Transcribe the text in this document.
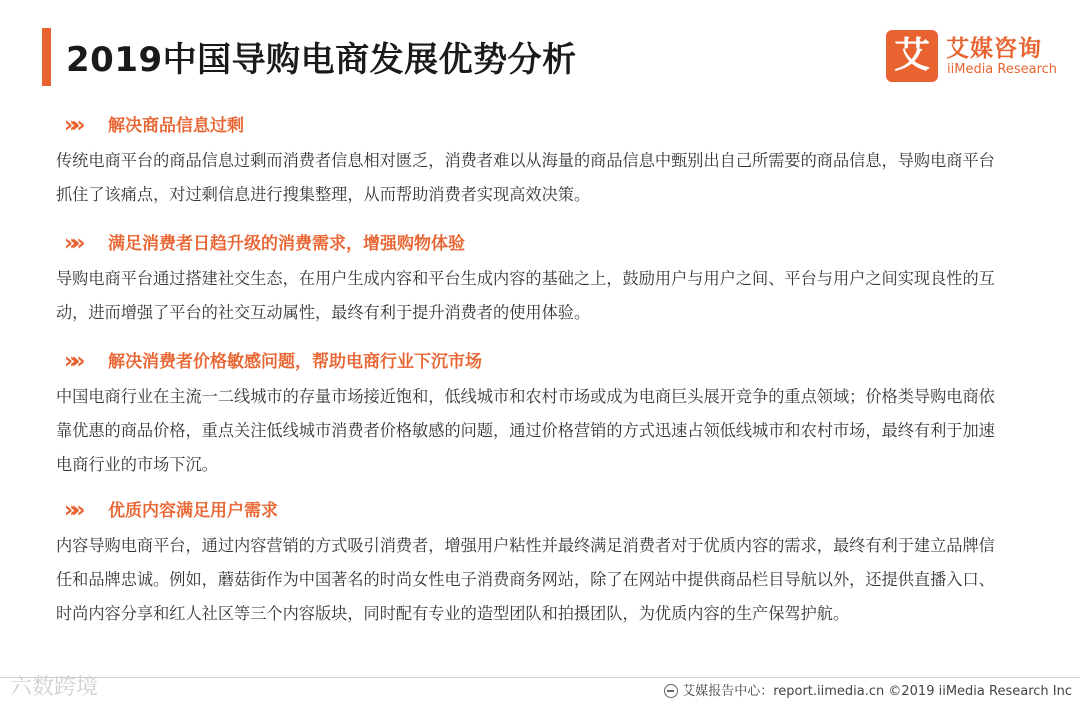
2019中国导购电商发展优势分析	艾 艾媒咨询
iiMedia Research
»» 解决商品信息过剩
传统电商平台的商品信息过剩而消费者信息相对匮乏，消费者难以从海量的商品信息中甄别出自己所需要的商品信息，导购电商平台抓住了该痛点，对过剩信息进行搜集整理，从而帮助消费者实现高效决策。
»» 满足消费者日趋升级的消费需求，增强购物体验
导购电商平台通过搭建社交生态，在用户生成内容和平台生成内容的基础之上，鼓励用户与用户之间、平台与用户之间实现良性的互动，进而增强了平台的社交互动属性，最终有利于提升消费者的使用体验。
»» 解决消费者价格敏感问题，帮助电商行业下沉市场
中国电商行业在主流一二线城市的存量市场接近饱和，低线城市和农村市场或成为电商巨头展开竞争的重点领域；价格类导购电商依靠优惠的商品价格，重点关注低线城市消费者价格敏感的问题，通过价格营销的方式迅速占领低线城市和农村市场，最终有利于加速电商行业的市场下沉。
»» 优质内容满足用户需求
内容导购电商平台，通过内容营销的方式吸引消费者，增强用户粘性并最终满足消费者对于优质内容的需求，最终有利于建立品牌信任和品牌忠诚。例如，蘑菇街作为中国著名的时尚女性电子消费商务网站，除了在网站中提供商品栏目导航以外，还提供直播入口、时尚内容分享和红人社区等三个内容版块，同时配有专业的造型团队和拍摄团队，为优质内容的生产保驾护航。
六数跨境	艾媒报告中心：report.iimedia.cn ©2019 iiMedia Research Inc
